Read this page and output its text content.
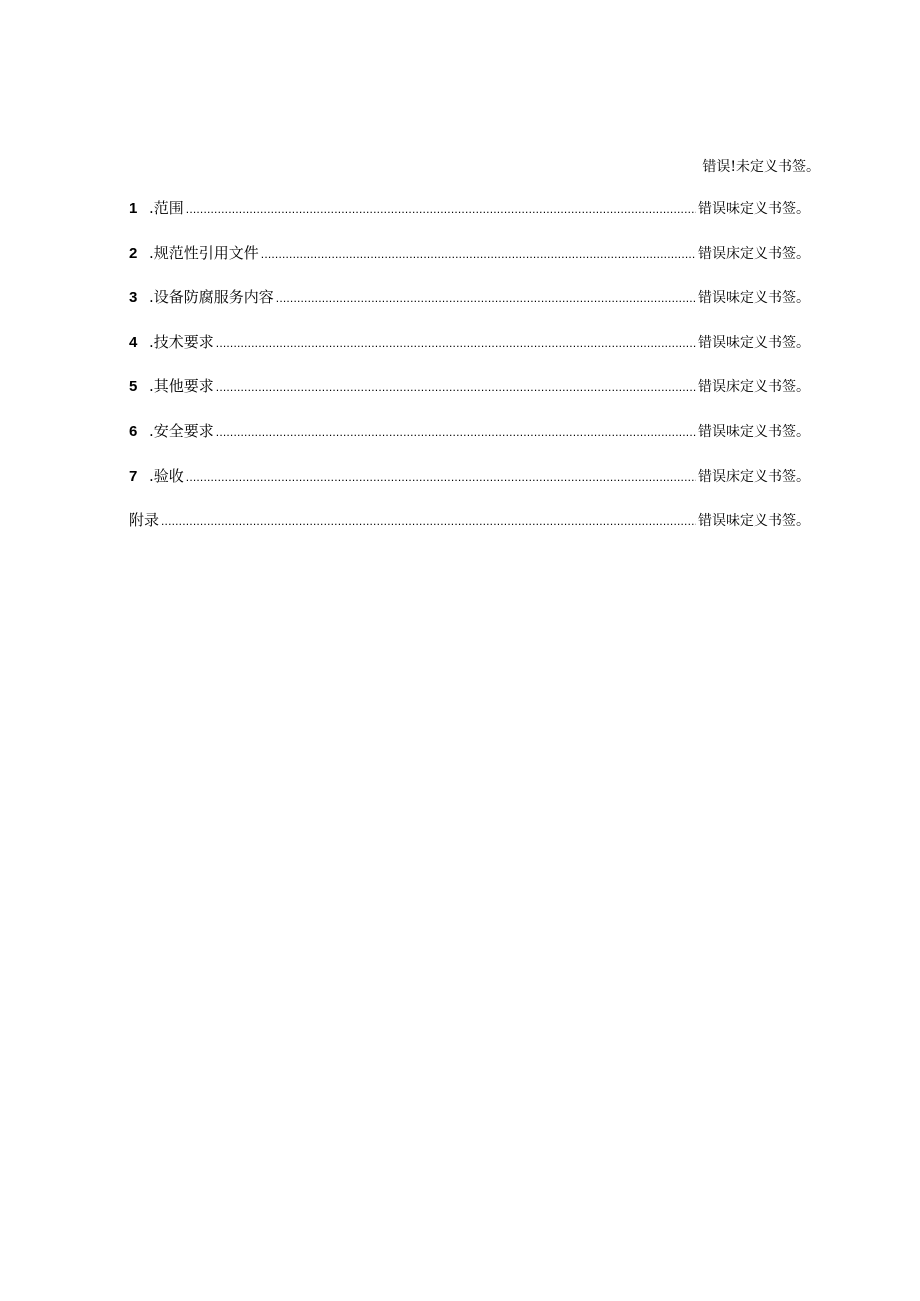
错误!未定义书签。
1 .范围 .....	错误味定义书签。
2 .规范性引用文件 .....	错误床定义书签。
3 .设备防腐服务内容 .....	错误味定义书签。
4 .技术要求 .....	错误味定义书签。
5 .其他要求 .....	错误床定义书签。
6 .安全要求 .....	错误味定义书签。
7 .验收 .....	错误床定义书签。
附录 .....	错误味定义书签。
